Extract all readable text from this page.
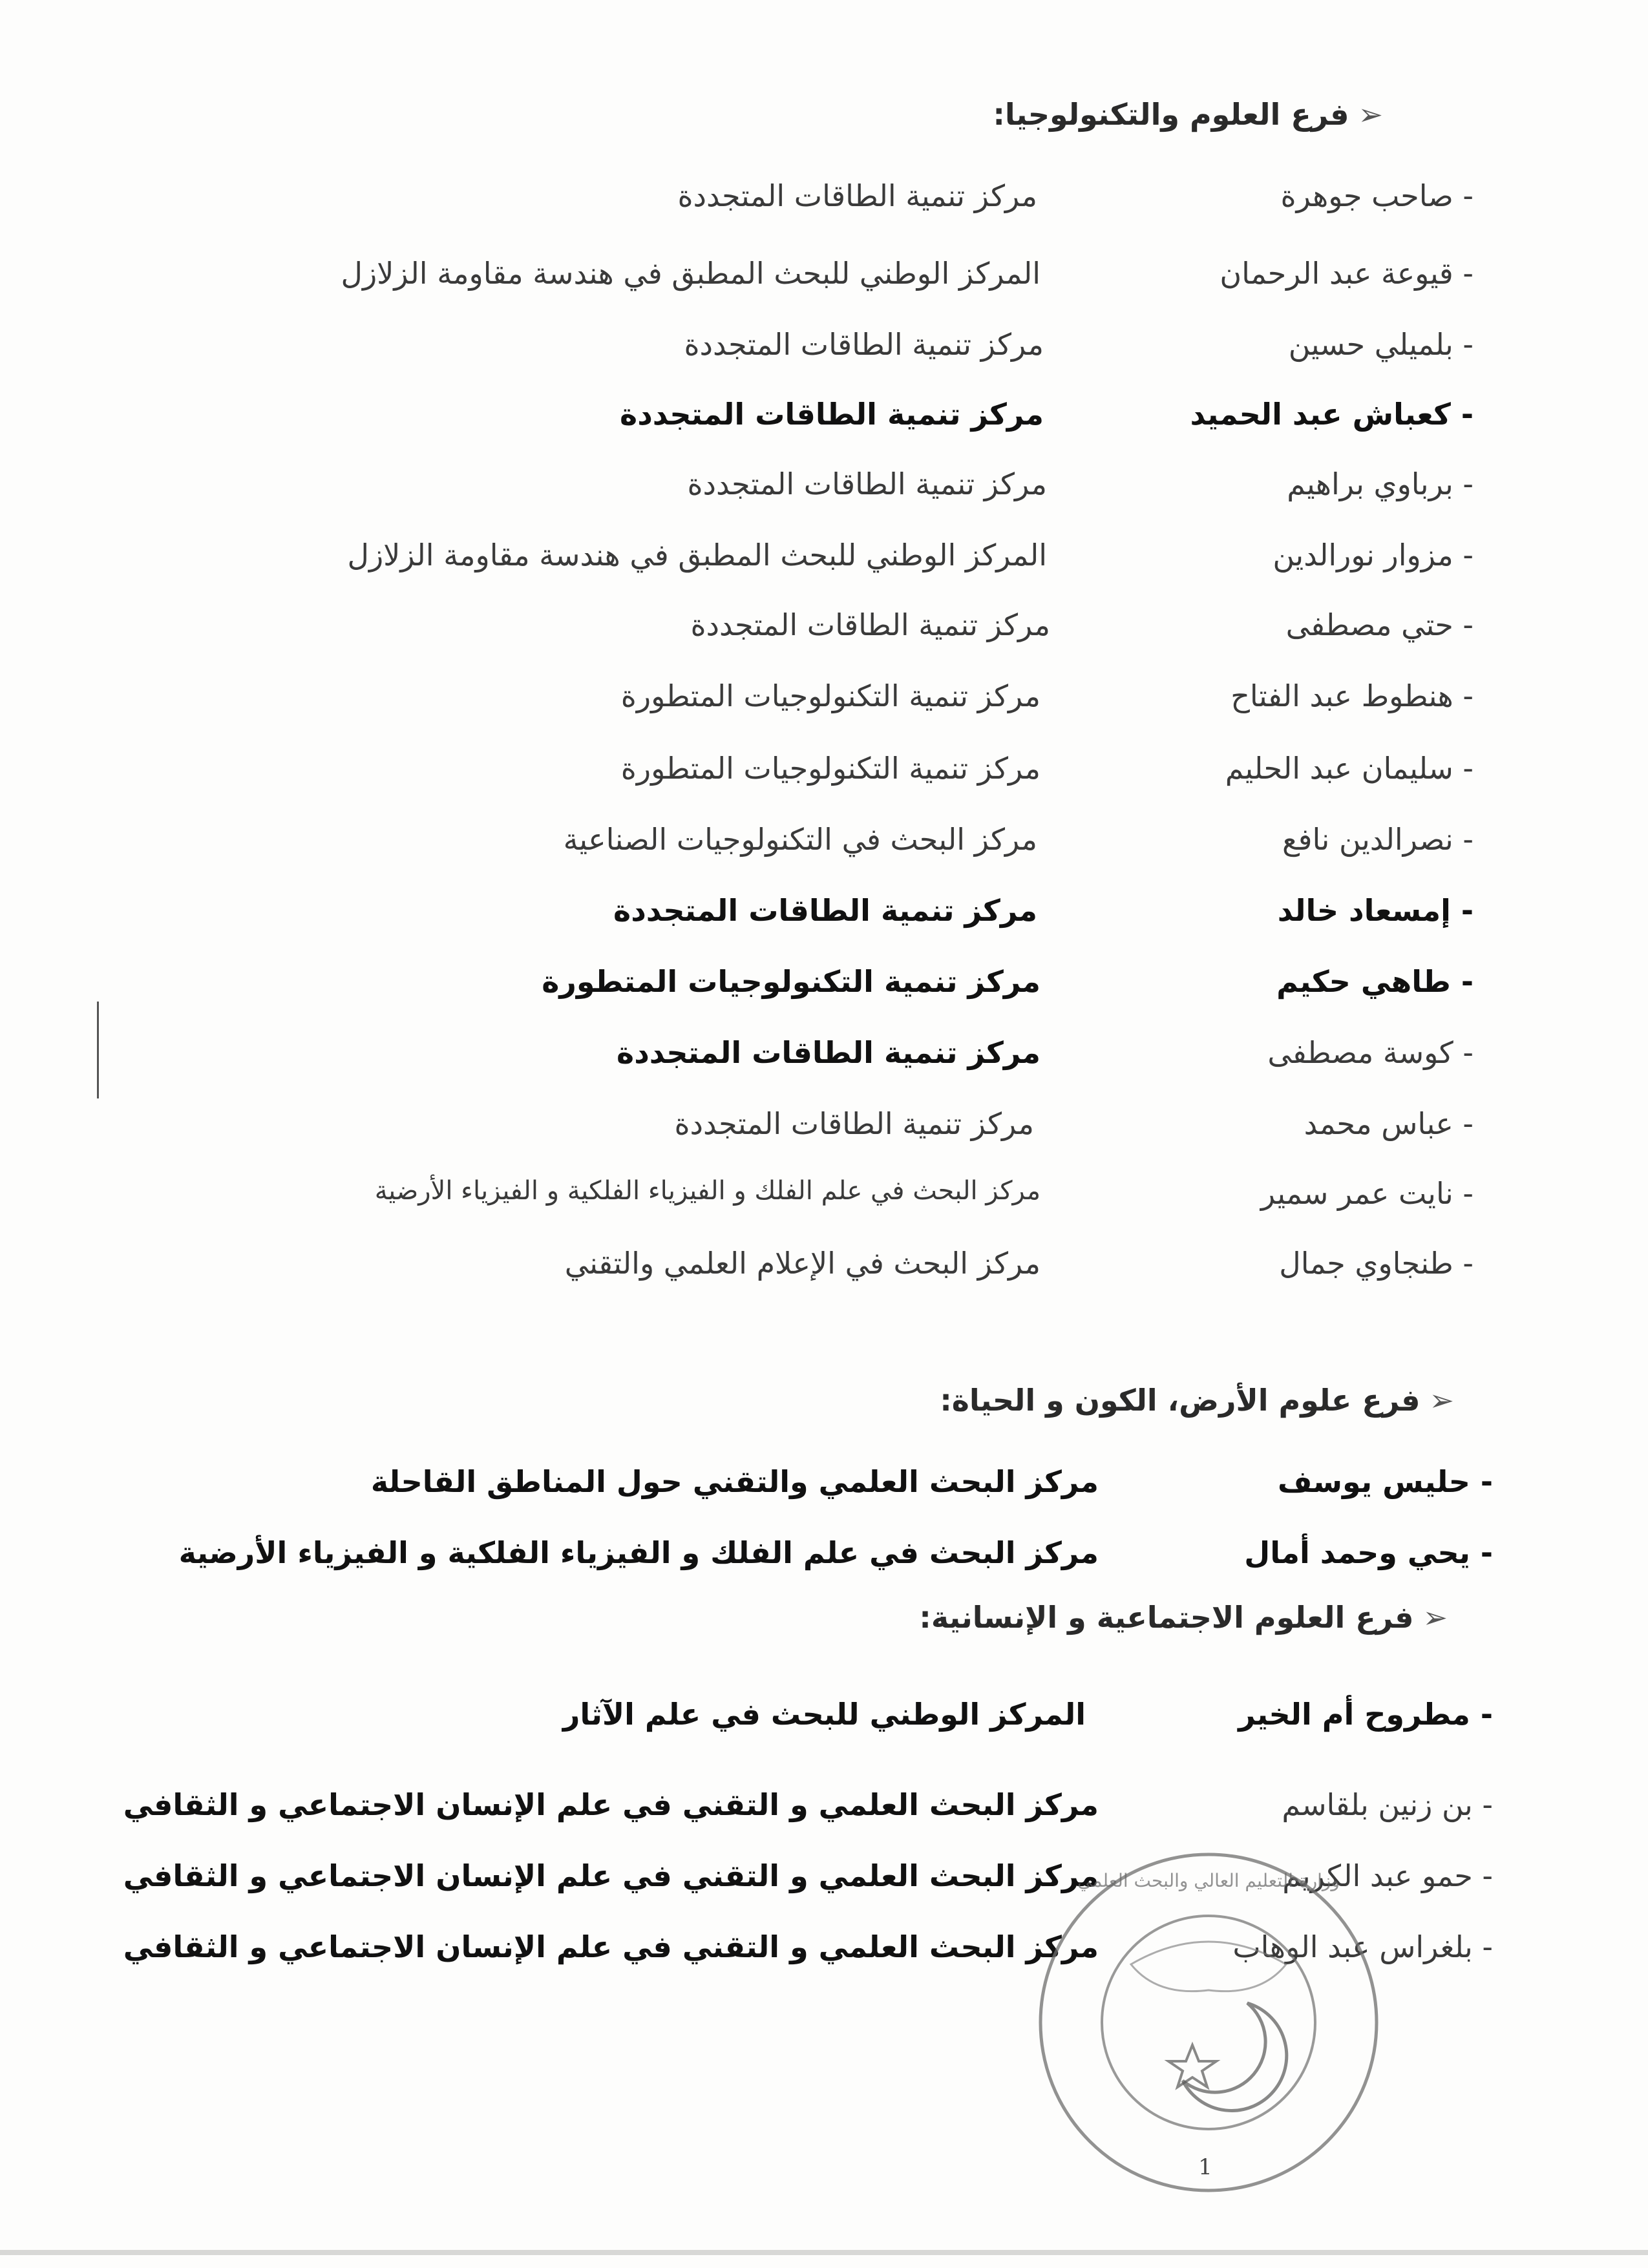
➢فرع العلوم والتكنولوجيا:
- صاحب جوهرة
مركز تنمية الطاقات المتجددة
- قيوعة عبد الرحمان
المركز الوطني للبحث المطبق في هندسة مقاومة الزلازل
- بلميلي حسين
مركز تنمية الطاقات المتجددة
- كعباش عبد الحميد
مركز تنمية الطاقات المتجددة
- برباوي براهيم
مركز تنمية الطاقات المتجددة
- مزوار نورالدين
المركز الوطني للبحث المطبق في هندسة مقاومة الزلازل
- حتي مصطفى
مركز تنمية الطاقات المتجددة
- هنطوط عبد الفتاح
مركز تنمية التكنولوجيات المتطورة
- سليمان عبد الحليم
مركز تنمية التكنولوجيات المتطورة
- نصرالدين نافع
مركز البحث في التكنولوجيات الصناعية
- إمسعاد خالد
مركز تنمية الطاقات المتجددة
- طاهي حكيم
مركز تنمية التكنولوجيات المتطورة
- كوسة مصطفى
مركز تنمية الطاقات المتجددة
- عباس محمد
مركز تنمية الطاقات المتجددة
- نايت عمر سمير
مركز البحث في علم الفلك و الفيزياء الفلكية و الفيزياء الأرضية
- طنجاوي جمال
مركز البحث في الإعلام العلمي والتقني
➢فرع علوم الأرض، الكون و الحياة:
- حليس يوسف
مركز البحث العلمي والتقني حول المناطق القاحلة
- يحي وحمد أمال
مركز البحث في علم الفلك و الفيزياء الفلكية و الفيزياء الأرضية
➢فرع العلوم الاجتماعية و الإنسانية:
- مطروح أم الخير
المركز الوطني للبحث في علم الآثار
- بن زنين بلقاسم
مركز البحث العلمي و التقني في علم الإنسان الاجتماعي و الثقافي
- حمو عبد الكريم
مركز البحث العلمي و التقني في علم الإنسان الاجتماعي و الثقافي
- بلغراس عبد الوهاب
مركز البحث العلمي و التقني في علم الإنسان الاجتماعي و الثقافي
وزارة التعليم العالي والبحث العلمي
1
